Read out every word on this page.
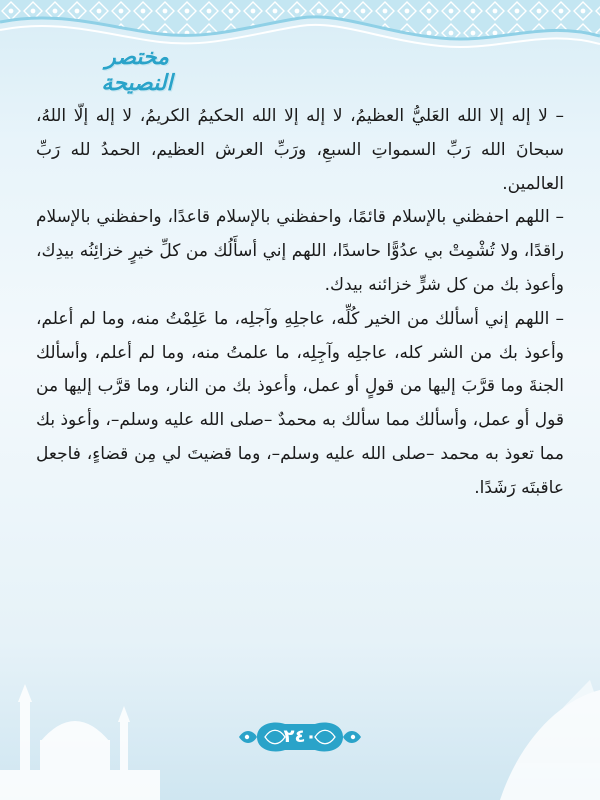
مختصر النصيحة

– لا إله إلا الله العَليُّ العظيمُ، لا إله إلا الله الحكيمُ الكريمُ، لا إله إلّا اللهُ، سبحانَ الله رَبِّ السمواتِ السبعِ، ورَبِّ العرش العظيم، الحمدُ لله رَبِّ العالمين.

– اللهم احفظني بالإسلام قائمًا، واحفظني بالإسلام قاعدًا، واحفظني بالإسلام راقدًا، ولا تُشْمِتْ بي عدُوًّا حاسدًا، اللهم إني أسأَلُك من كلِّ خيرٍ خزائِنُه بيدِك، وأعوذ بك من كل شرٍّ خزائنه بيدك.

– اللهم إني أسألك من الخير كُلِّه، عاجلِهِ وآجلِه، ما عَلِمْتُ منه، وما لم أعلم، وأعوذ بك من الشر كله، عاجلِه وآجِلِه، ما علمتُ منه، وما لم أعلم، وأسألك الجنةَ وما قرَّبَ إليها من قولٍ أو عمل، وأعوذ بك من النار، وما قرَّب إليها من قول أو عمل، وأسألك مما سألك به محمدٌ –صلى الله عليه وسلم–، وأعوذ بك مما تعوذ به محمد –صلى الله عليه وسلم–، وما قضيتَ لي مِن قضاءٍ، فاجعل عاقبتَه رَشَدًا.

٢٤٠
